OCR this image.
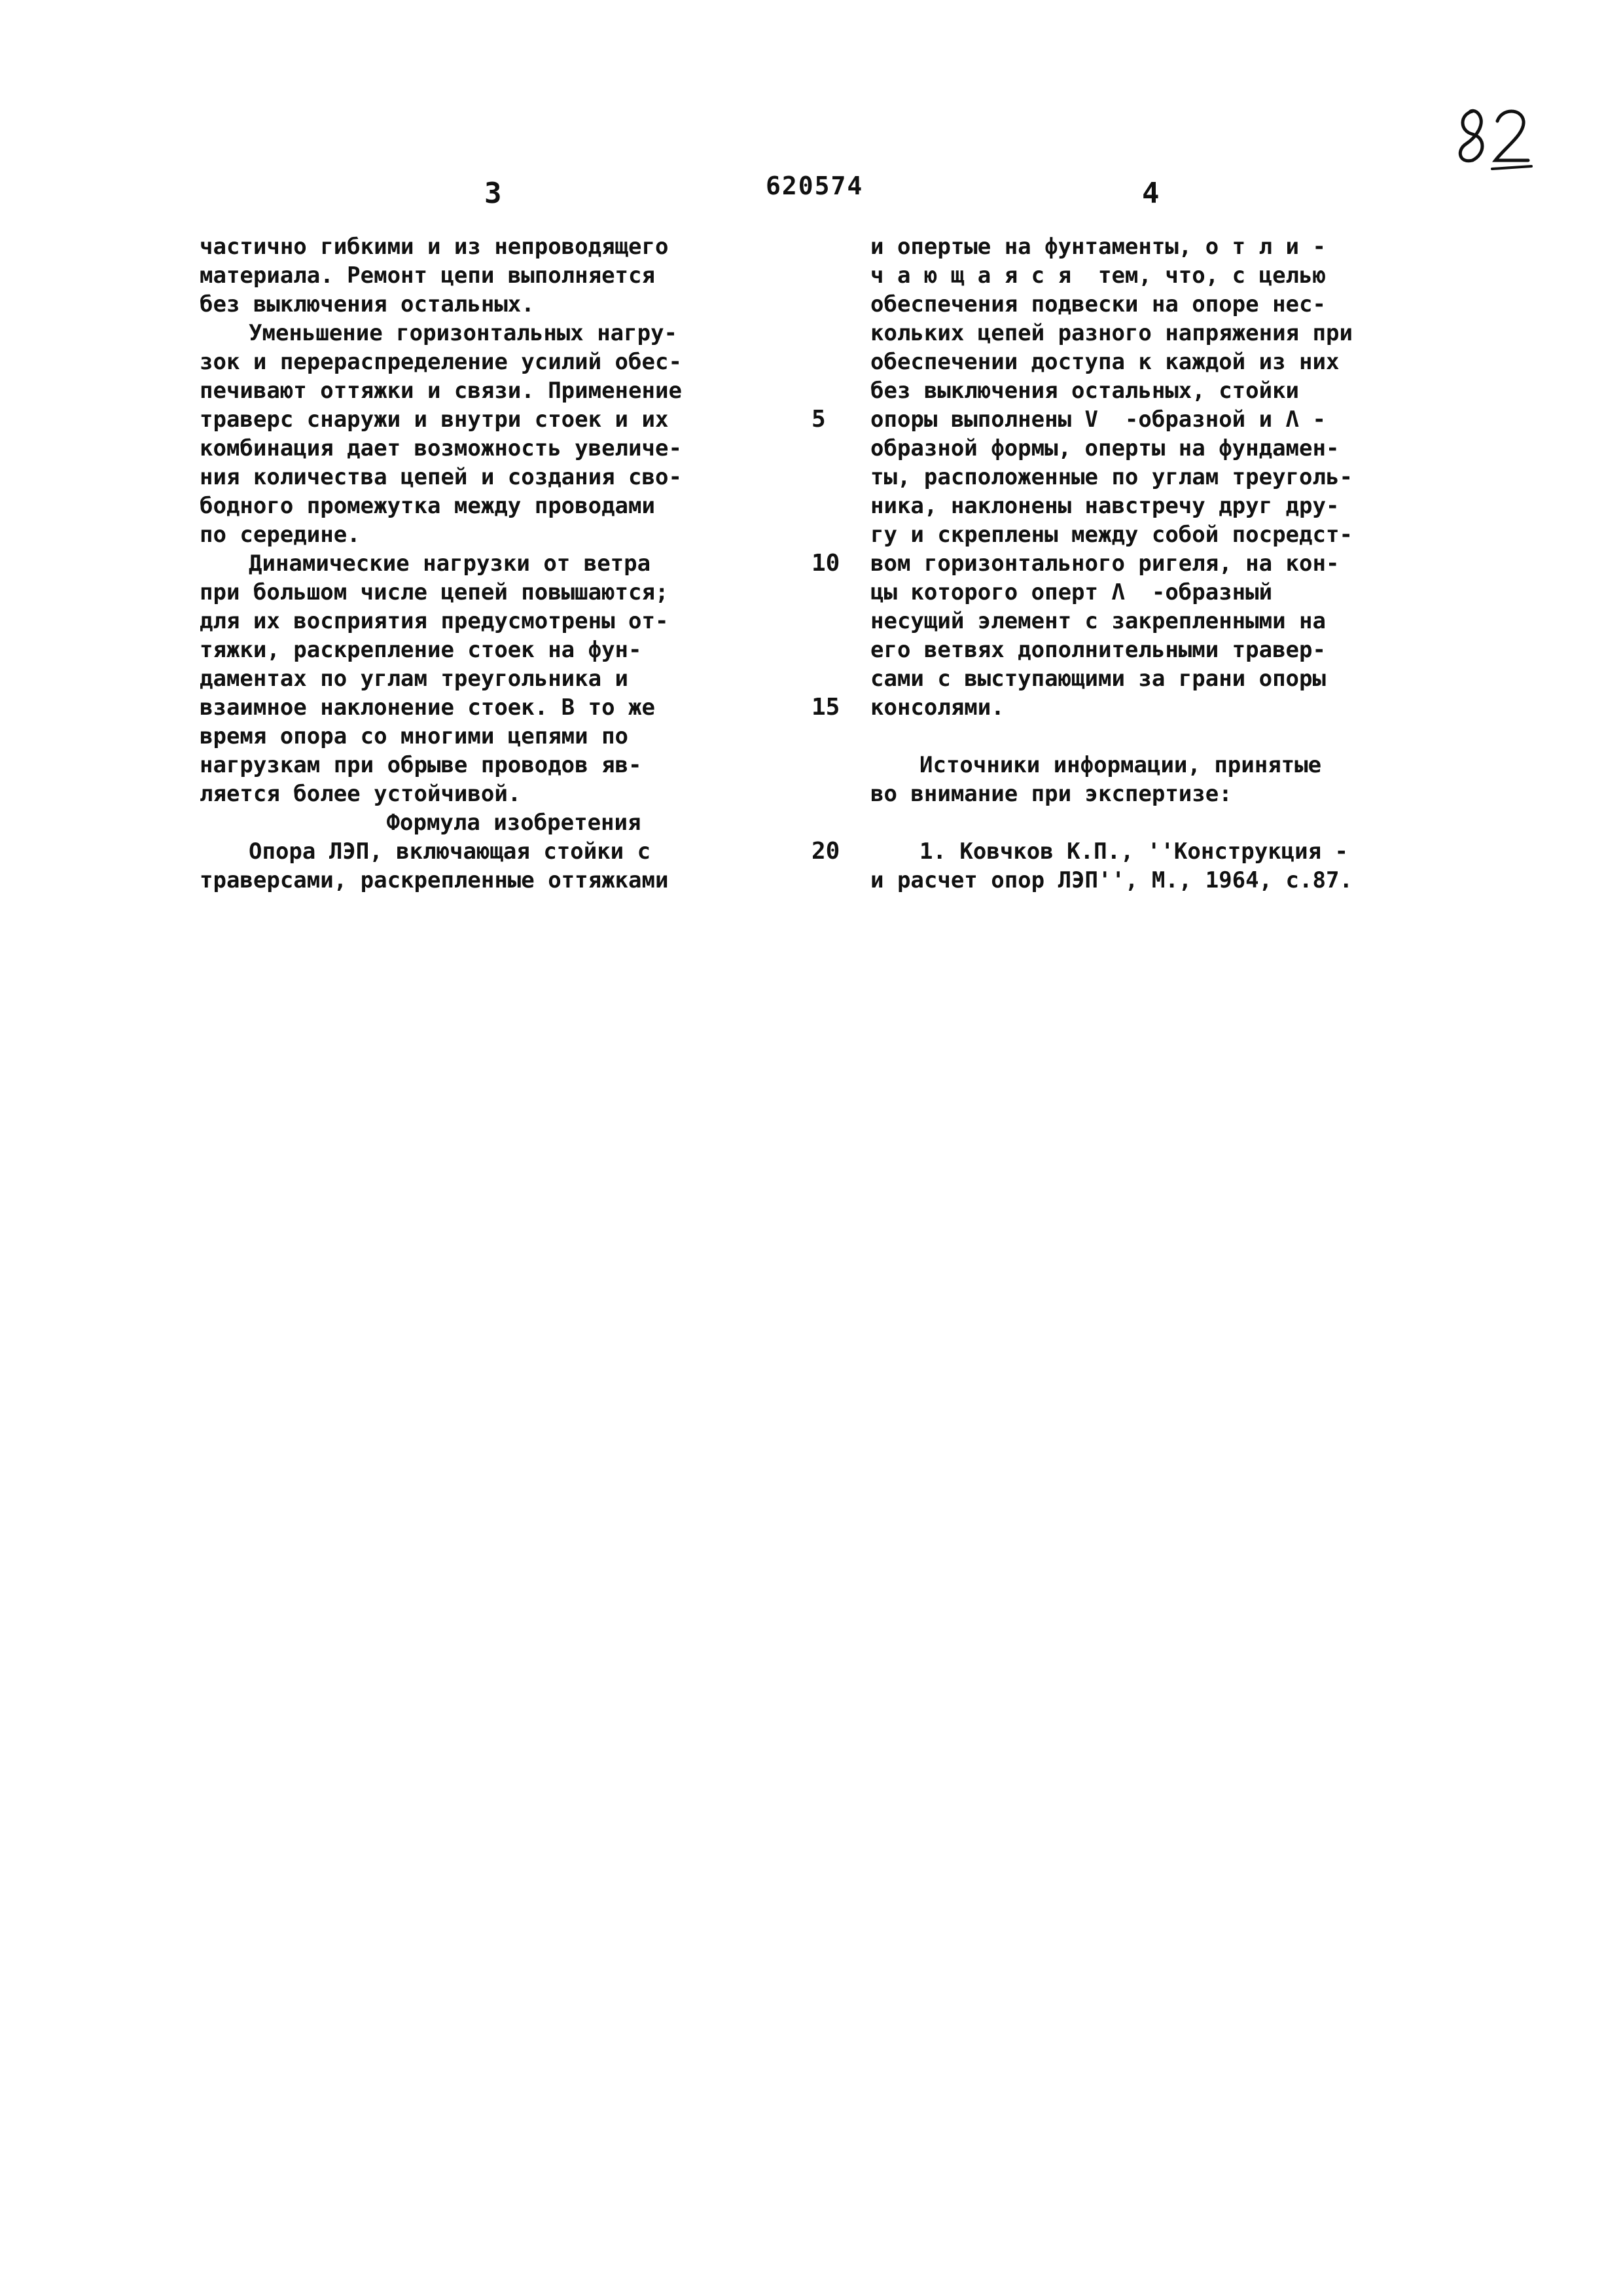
3	620574	4
частично гибкими и из непроводящего
материала. Ремонт цепи выполняется
без выключения остальных.
Уменьшение горизонтальных нагру-
зок и перераспределение усилий обес-
печивают оттяжки и связи. Применение
траверс снаружи и внутри стоек и их
комбинация дает возможность увеличе-
ния количества цепей и создания сво-
бодного промежутка между проводами
по середине.
Динамические нагрузки от ветра
при большом числе цепей повышаются;
для их восприятия предусмотрены от-
тяжки, раскрепление стоек на фун-
даментах по углам треугольника и
взаимное наклонение стоек. В то же
время опора со многими цепями по
нагрузкам при обрыве проводов яв-
ляется более устойчивой.
Формула изобретения
Опора ЛЭП, включающая стойки с
траверсами, раскрепленные оттяжками
5
10
15
20
и опертые на фунтаменты, о т л и -
ч а ю щ а я с я  тем, что, с целью
обеспечения подвески на опоре нес-
кольких цепей разного напряжения при
обеспечении доступа к каждой из них
без выключения остальных, стойки
опоры выполнены V  -образной и Λ -
образной формы, оперты на фундамен-
ты, расположенные по углам треуголь-
ника, наклонены навстречу друг дру-
гу и скреплены между собой посредст-
вом горизонтального ригеля, на кон-
цы которого оперт Λ  -образный
несущий элемент с закрепленными на
его ветвях дополнительными травер-
сами с выступающими за грани опоры
консолями.
Источники информации, принятые
во внимание при экспертизе:
1. Ковчков К.П., ''Конструкция -
и расчет опор ЛЭП'', М., 1964, с.87.
